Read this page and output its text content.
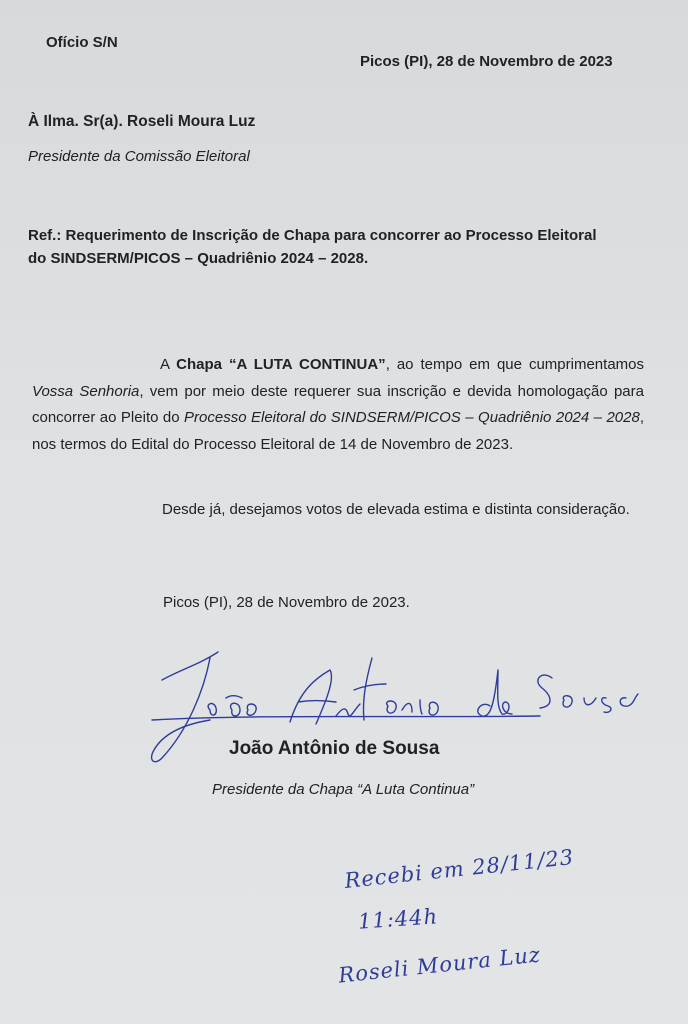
Ofício S/N
Picos (PI), 28 de Novembro de 2023
À Ilma. Sr(a). Roseli Moura Luz
Presidente da Comissão Eleitoral
Ref.: Requerimento de Inscrição de Chapa para concorrer ao Processo Eleitoral
do SINDSERM/PICOS – Quadriênio 2024 – 2028.
A Chapa “A LUTA CONTINUA”, ao tempo em que cumprimentamos Vossa Senhoria, vem por meio deste requerer sua inscrição e devida homologação para concorrer ao Pleito do Processo Eleitoral do SINDSERM/PICOS – Quadriênio 2024 – 2028, nos termos do Edital do Processo Eleitoral de 14 de Novembro de 2023.
Desde já, desejamos votos de elevada estima e distinta consideração.
Picos (PI), 28 de Novembro de 2023.
João Antônio de Sousa
Presidente da Chapa “A Luta Continua”
Recebi em 28/11/23
11:44h
Roseli Moura Luz
